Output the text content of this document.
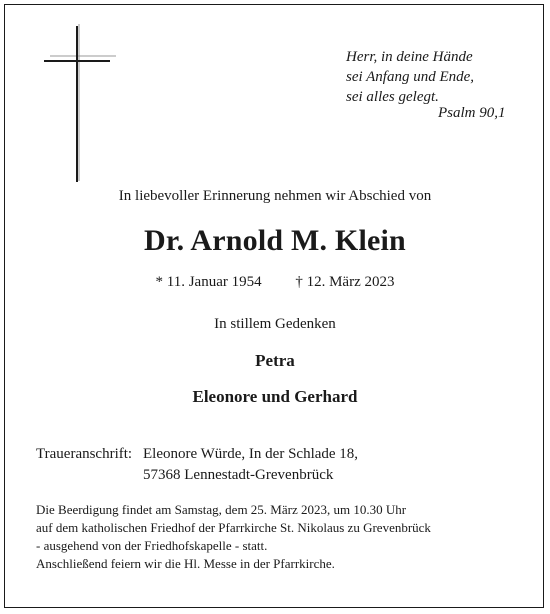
Herr, in deine Hände
sei Anfang und Ende,
sei alles gelegt.
Psalm 90,1
In liebevoller Erinnerung nehmen wir Abschied von
Dr. Arnold M. Klein
* 11. Januar 1954 † 12. März 2023
In stillem Gedenken
Petra
Eleonore und Gerhard
Traueranschrift: Eleonore Würde, In der Schlade 18,
57368 Lennestadt-Grevenbrück
Die Beerdigung findet am Samstag, dem 25. März 2023, um 10.30 Uhr
auf dem katholischen Friedhof der Pfarrkirche St. Nikolaus zu Grevenbrück
- ausgehend von der Friedhofskapelle - statt.
Anschließend feiern wir die Hl. Messe in der Pfarrkirche.
